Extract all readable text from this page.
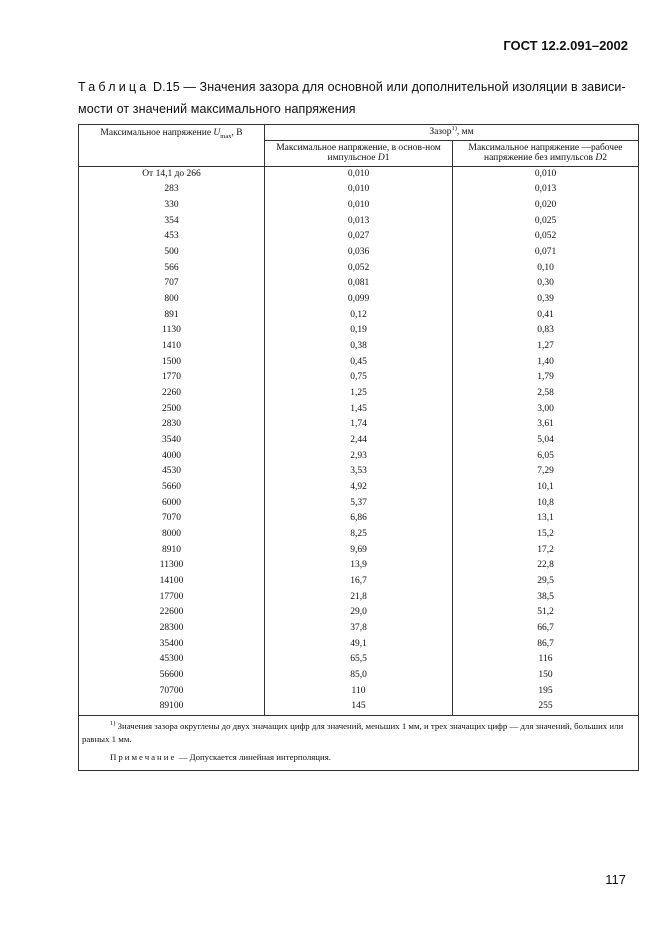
ГОСТ 12.2.091–2002
Таблица D.15 — Значения зазора для основной или дополнительной изоляции в зависи-
мости от значений максимального напряжения
Максимальное напряжение $U_{max}$, В	Зазор$^{1)}$, мм	
	Максимальное напряжение, в основ-ном импульсное D1	Максимальное напряжение —рабочее напряжение без импульсов D2
От 14,1 до 266	0,010	0,010
283	0,010	0,013
330	0,010	0,020
354	0,013	0,025
453	0,027	0,052
500	0,036	0,071
566	0,052	0,10
707	0,081	0,30
800	0,099	0,39
891	0,12	0,41
1130	0,19	0,83
1410	0,38	1,27
1500	0,45	1,40
1770	0,75	1,79
2260	1,25	2,58
2500	1,45	3,00
2830	1,74	3,61
3540	2,44	5,04
4000	2,93	6,05
4530	3,53	7,29
5660	4,92	10,1
6000	5,37	10,8
7070	6,86	13,1
8000	8,25	15,2
8910	9,69	17,2
11300	13,9	22,8
14100	16,7	29,5
17700	21,8	38,5
22600	29,0	51,2
28300	37,8	66,7
35400	49,1	86,7
45300	65,5	116
56600	85,0	150
70700	110	195
89100	145	255

$^{1)}$ Значения зазора округлены до двух значащих цифр для значений, меньших 1 мм, и трех значащих цифр — для значений, больших или равных 1 мм.

Примечание — Допускается линейная интерполяция.		

117
